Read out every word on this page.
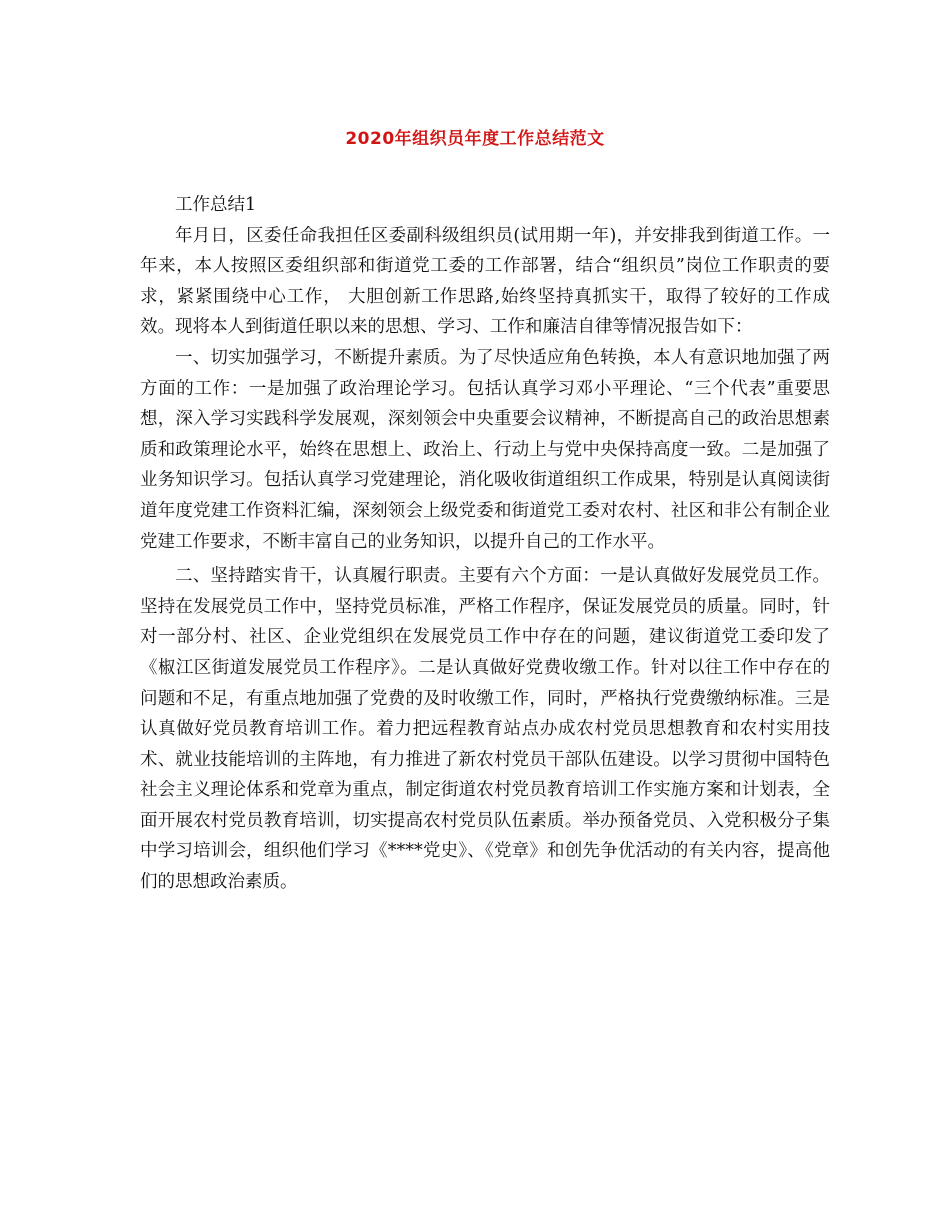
2020年组织员年度工作总结范文

工作总结1

年月日，区委任命我担任区委副科级组织员(试用期一年)，并安排我到街道工作。一年来，本人按照区委组织部和街道党工委的工作部署，结合“组织员”岗位工作职责的要求，紧紧围绕中心工作， 大胆创新工作思路,始终坚持真抓实干，取得了较好的工作成效。现将本人到街道任职以来的思想、学习、工作和廉洁自律等情况报告如下：

一、切实加强学习，不断提升素质。为了尽快适应角色转换，本人有意识地加强了两方面的工作：一是加强了政治理论学习。包括认真学习邓小平理论、“三个代表”重要思想，深入学习实践科学发展观，深刻领会中央重要会议精神，不断提高自己的政治思想素质和政策理论水平，始终在思想上、政治上、行动上与党中央保持高度一致。二是加强了业务知识学习。包括认真学习党建理论，消化吸收街道组织工作成果，特别是认真阅读街道年度党建工作资料汇编，深刻领会上级党委和街道党工委对农村、社区和非公有制企业党建工作要求，不断丰富自己的业务知识，以提升自己的工作水平。

二、坚持踏实肯干，认真履行职责。主要有六个方面：一是认真做好发展党员工作。坚持在发展党员工作中，坚持党员标准，严格工作程序，保证发展党员的质量。同时，针对一部分村、社区、企业党组织在发展党员工作中存在的问题，建议街道党工委印发了《椒江区街道发展党员工作程序》。二是认真做好党费收缴工作。针对以往工作中存在的问题和不足，有重点地加强了党费的及时收缴工作，同时，严格执行党费缴纳标准。三是认真做好党员教育培训工作。着力把远程教育站点办成农村党员思想教育和农村实用技术、就业技能培训的主阵地，有力推进了新农村党员干部队伍建设。以学习贯彻中国特色社会主义理论体系和党章为重点，制定街道农村党员教育培训工作实施方案和计划表，全面开展农村党员教育培训，切实提高农村党员队伍素质。举办预备党员、入党积极分子集中学习培训会，组织他们学习《****党史》、《党章》和创先争优活动的有关内容，提高他们的思想政治素质。
